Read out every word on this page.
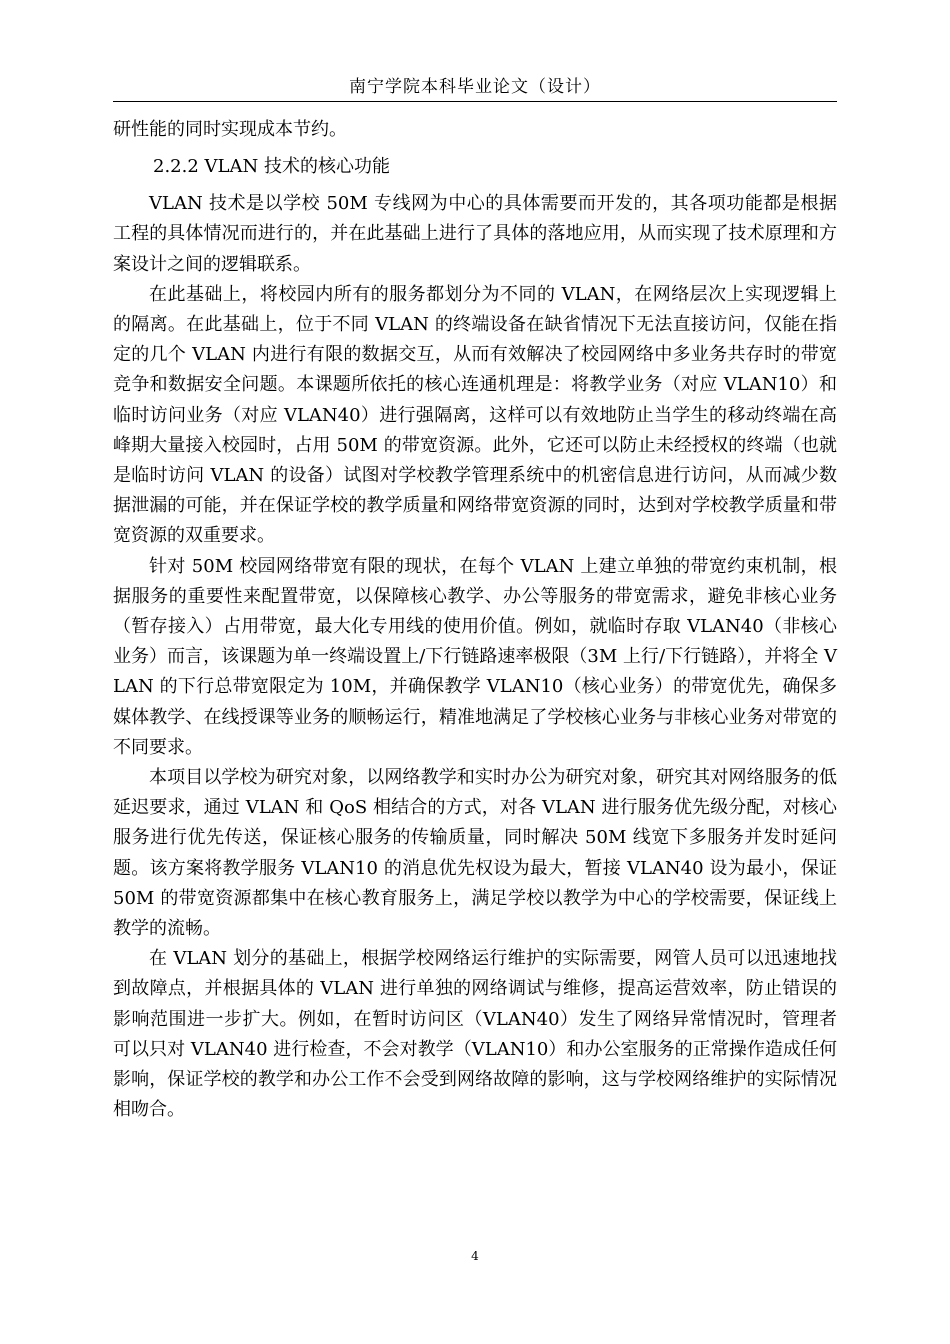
南宁学院本科毕业论文（设计）

研性能的同时实现成本节约。

2.2.2 VLAN 技术的核心功能

VLAN 技术是以学校 50M 专线网为中心的具体需要而开发的，其各项功能都是根据工程的具体情况而进行的，并在此基础上进行了具体的落地应用，从而实现了技术原理和方案设计之间的逻辑联系。

在此基础上，将校园内所有的服务都划分为不同的 VLAN，在网络层次上实现逻辑上的隔离。在此基础上，位于不同 VLAN 的终端设备在缺省情况下无法直接访问，仅能在指定的几个 VLAN 内进行有限的数据交互，从而有效解决了校园网络中多业务共存时的带宽竞争和数据安全问题。本课题所依托的核心连通机理是：将教学业务（对应 VLAN10）和临时访问业务（对应 VLAN40）进行强隔离，这样可以有效地防止当学生的移动终端在高峰期大量接入校园时，占用 50M 的带宽资源。此外，它还可以防止未经授权的终端（也就是临时访问 VLAN 的设备）试图对学校教学管理系统中的机密信息进行访问，从而减少数据泄漏的可能，并在保证学校的教学质量和网络带宽资源的同时，达到对学校教学质量和带宽资源的双重要求。

针对 50M 校园网络带宽有限的现状，在每个 VLAN 上建立单独的带宽约束机制，根据服务的重要性来配置带宽，以保障核心教学、办公等服务的带宽需求，避免非核心业务（暂存接入）占用带宽，最大化专用线的使用价值。例如，就临时存取 VLAN40（非核心业务）而言，该课题为单一终端设置上/下行链路速率极限（3M 上行/下行链路），并将全 VLAN 的下行总带宽限定为 10M，并确保教学 VLAN10（核心业务）的带宽优先，确保多媒体教学、在线授课等业务的顺畅运行，精准地满足了学校核心业务与非核心业务对带宽的不同要求。

本项目以学校为研究对象，以网络教学和实时办公为研究对象，研究其对网络服务的低延迟要求，通过 VLAN 和 QoS 相结合的方式，对各 VLAN 进行服务优先级分配，对核心服务进行优先传送，保证核心服务的传输质量，同时解决 50M 线宽下多服务并发时延问题。该方案将教学服务 VLAN10 的消息优先权设为最大，暂接 VLAN40 设为最小，保证 50M 的带宽资源都集中在核心教育服务上，满足学校以教学为中心的学校需要，保证线上教学的流畅。

在 VLAN 划分的基础上，根据学校网络运行维护的实际需要，网管人员可以迅速地找到故障点，并根据具体的 VLAN 进行单独的网络调试与维修，提高运营效率，防止错误的影响范围进一步扩大。例如，在暂时访问区（VLAN40）发生了网络异常情况时，管理者可以只对 VLAN40 进行检查，不会对教学（VLAN10）和办公室服务的正常操作造成任何影响，保证学校的教学和办公工作不会受到网络故障的影响，这与学校网络维护的实际情况相吻合。

4
